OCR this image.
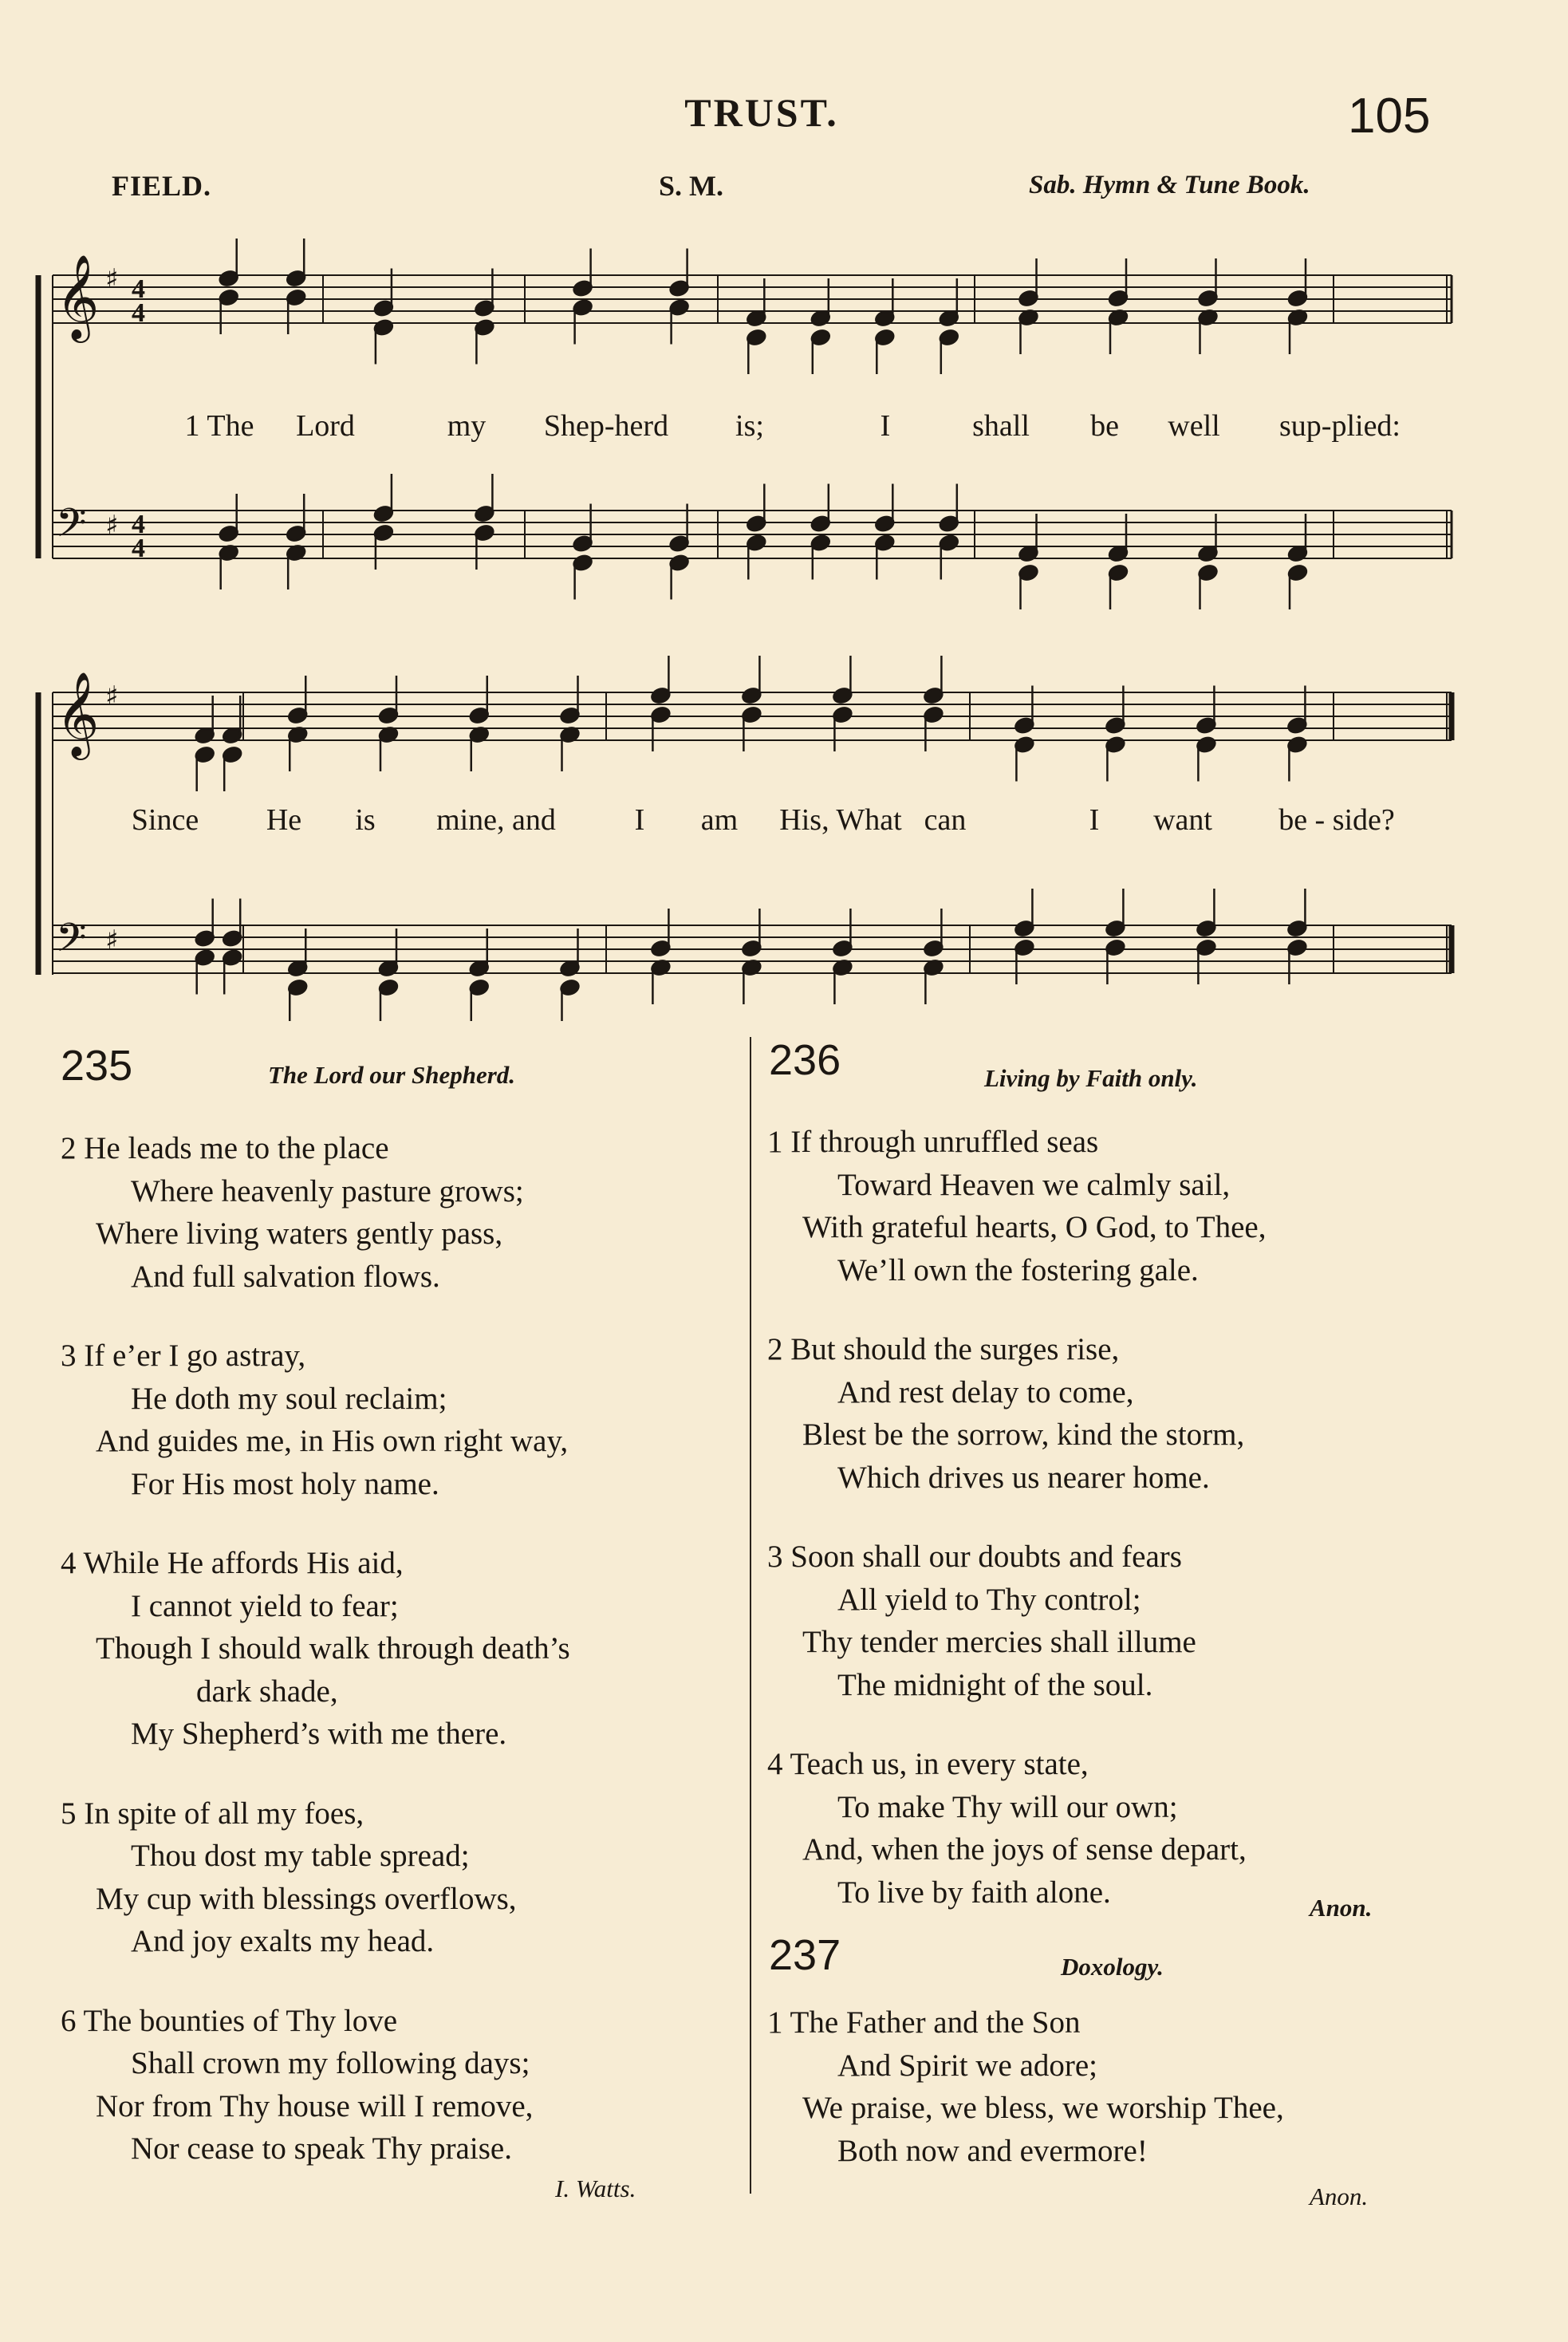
TRUST.	105
FIELD.	S. M.	Sab. Hymn & Tune Book.
𝄞 ♯ 4
4
𝄢 ♯ 4
4
𝄞 ♯
𝄢 ♯
1 The Lord	my Shep-herd is;	I	shall be well sup-plied:
Since He is mine, and	I am His, What can	I want be - side?
235	The Lord our Shepherd.	236	Living by Faith only.
237	Doxology.
I. Watts.
Anon.
Anon.
2 He leads me to the place
Where heavenly pasture grows;
Where living waters gently pass,
And full salvation flows.
3 If e’er I go astray,
He doth my soul reclaim;
And guides me, in His own right way,
For His most holy name.
4 While He affords His aid,
I cannot yield to fear;
Though I should walk through death’s
dark shade,
My Shepherd’s with me there.
5 In spite of all my foes,
Thou dost my table spread;
My cup with blessings overflows,
And joy exalts my head.
6 The bounties of Thy love
Shall crown my following days;
Nor from Thy house will I remove,
Nor cease to speak Thy praise.
1 If through unruffled seas
Toward Heaven we calmly sail,
With grateful hearts, O God, to Thee,
We’ll own the fostering gale.
2 But should the surges rise,
And rest delay to come,
Blest be the sorrow, kind the storm,
Which drives us nearer home.
3 Soon shall our doubts and fears
All yield to Thy control;
Thy tender mercies shall illume
The midnight of the soul.
4 Teach us, in every state,
To make Thy will our own;
And, when the joys of sense depart,
To live by faith alone.
1 The Father and the Son
And Spirit we adore;
We praise, we bless, we worship Thee,
Both now and evermore!
